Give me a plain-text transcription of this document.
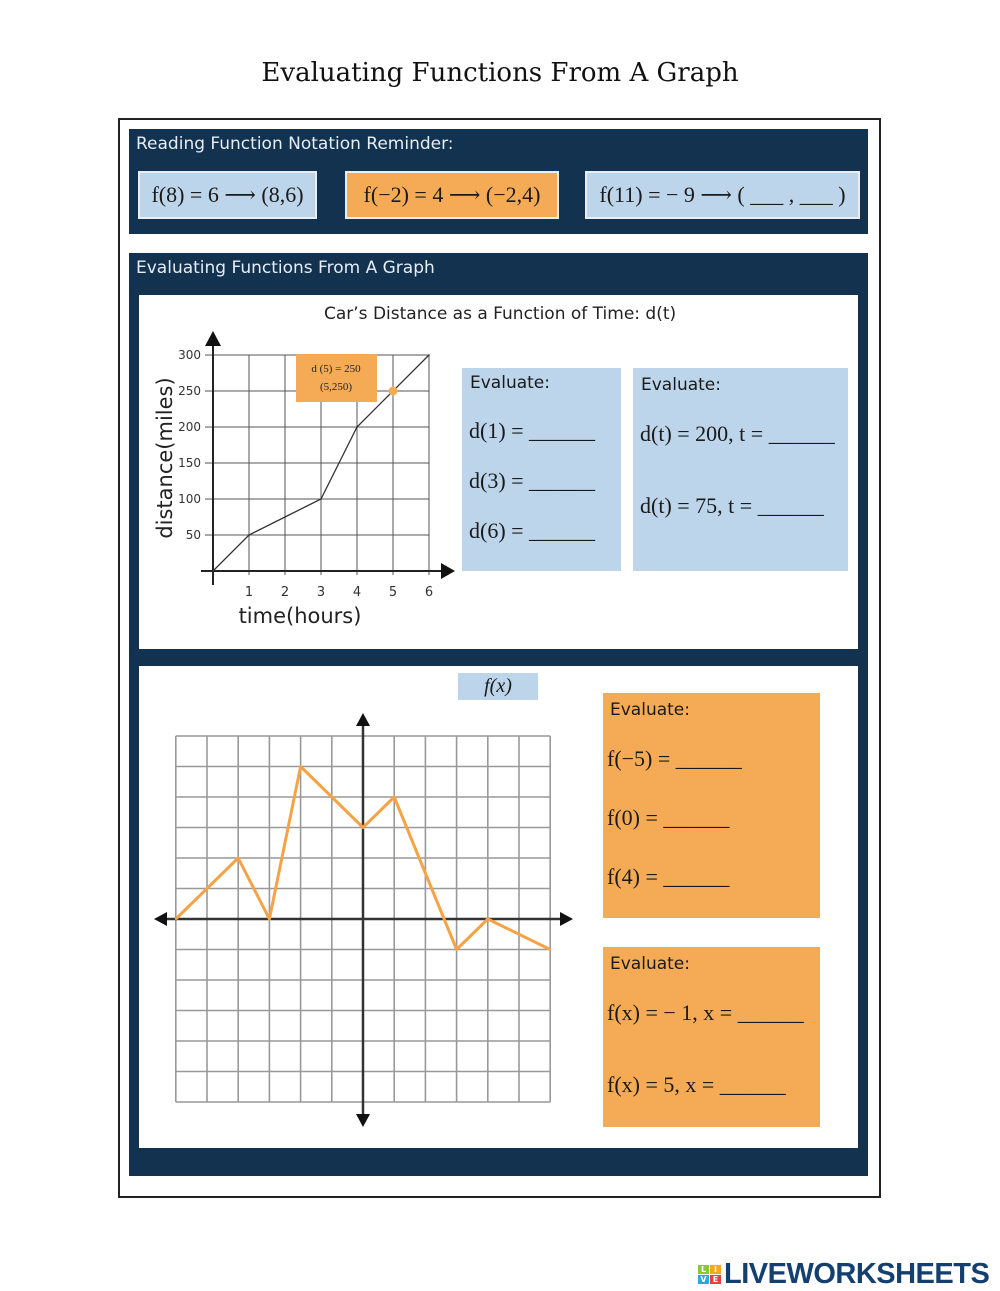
Evaluating Functions From A Graph
Reading Function Notation Reminder:
f(8) = 6 ⟶ (8,6)	f(−2) = 4 ⟶ (−2,4)	f(11) = − 9 ⟶ ( ___ , ___ )
Evaluating Functions From A Graph
Car’s Distance as a Function of Time: d(t)
1 2 3 4 5 6
50
100
150
200
250
300
time(hours)
distance(miles)
d (5) = 250
(5,250)	Evaluate:
d(1) = ______
d(3) = ______
d(6) = ______
Evaluate:
d(t) = 200, t = ______
d(t) = 75, t = ______
f(x)
Evaluate:
f(−5) = ______
f(0) = ______
f(4) = ______
Evaluate:
f(x) = − 1, x = ______
f(x) = 5, x = ______
L I
V E LIVEWORKSHEETS
